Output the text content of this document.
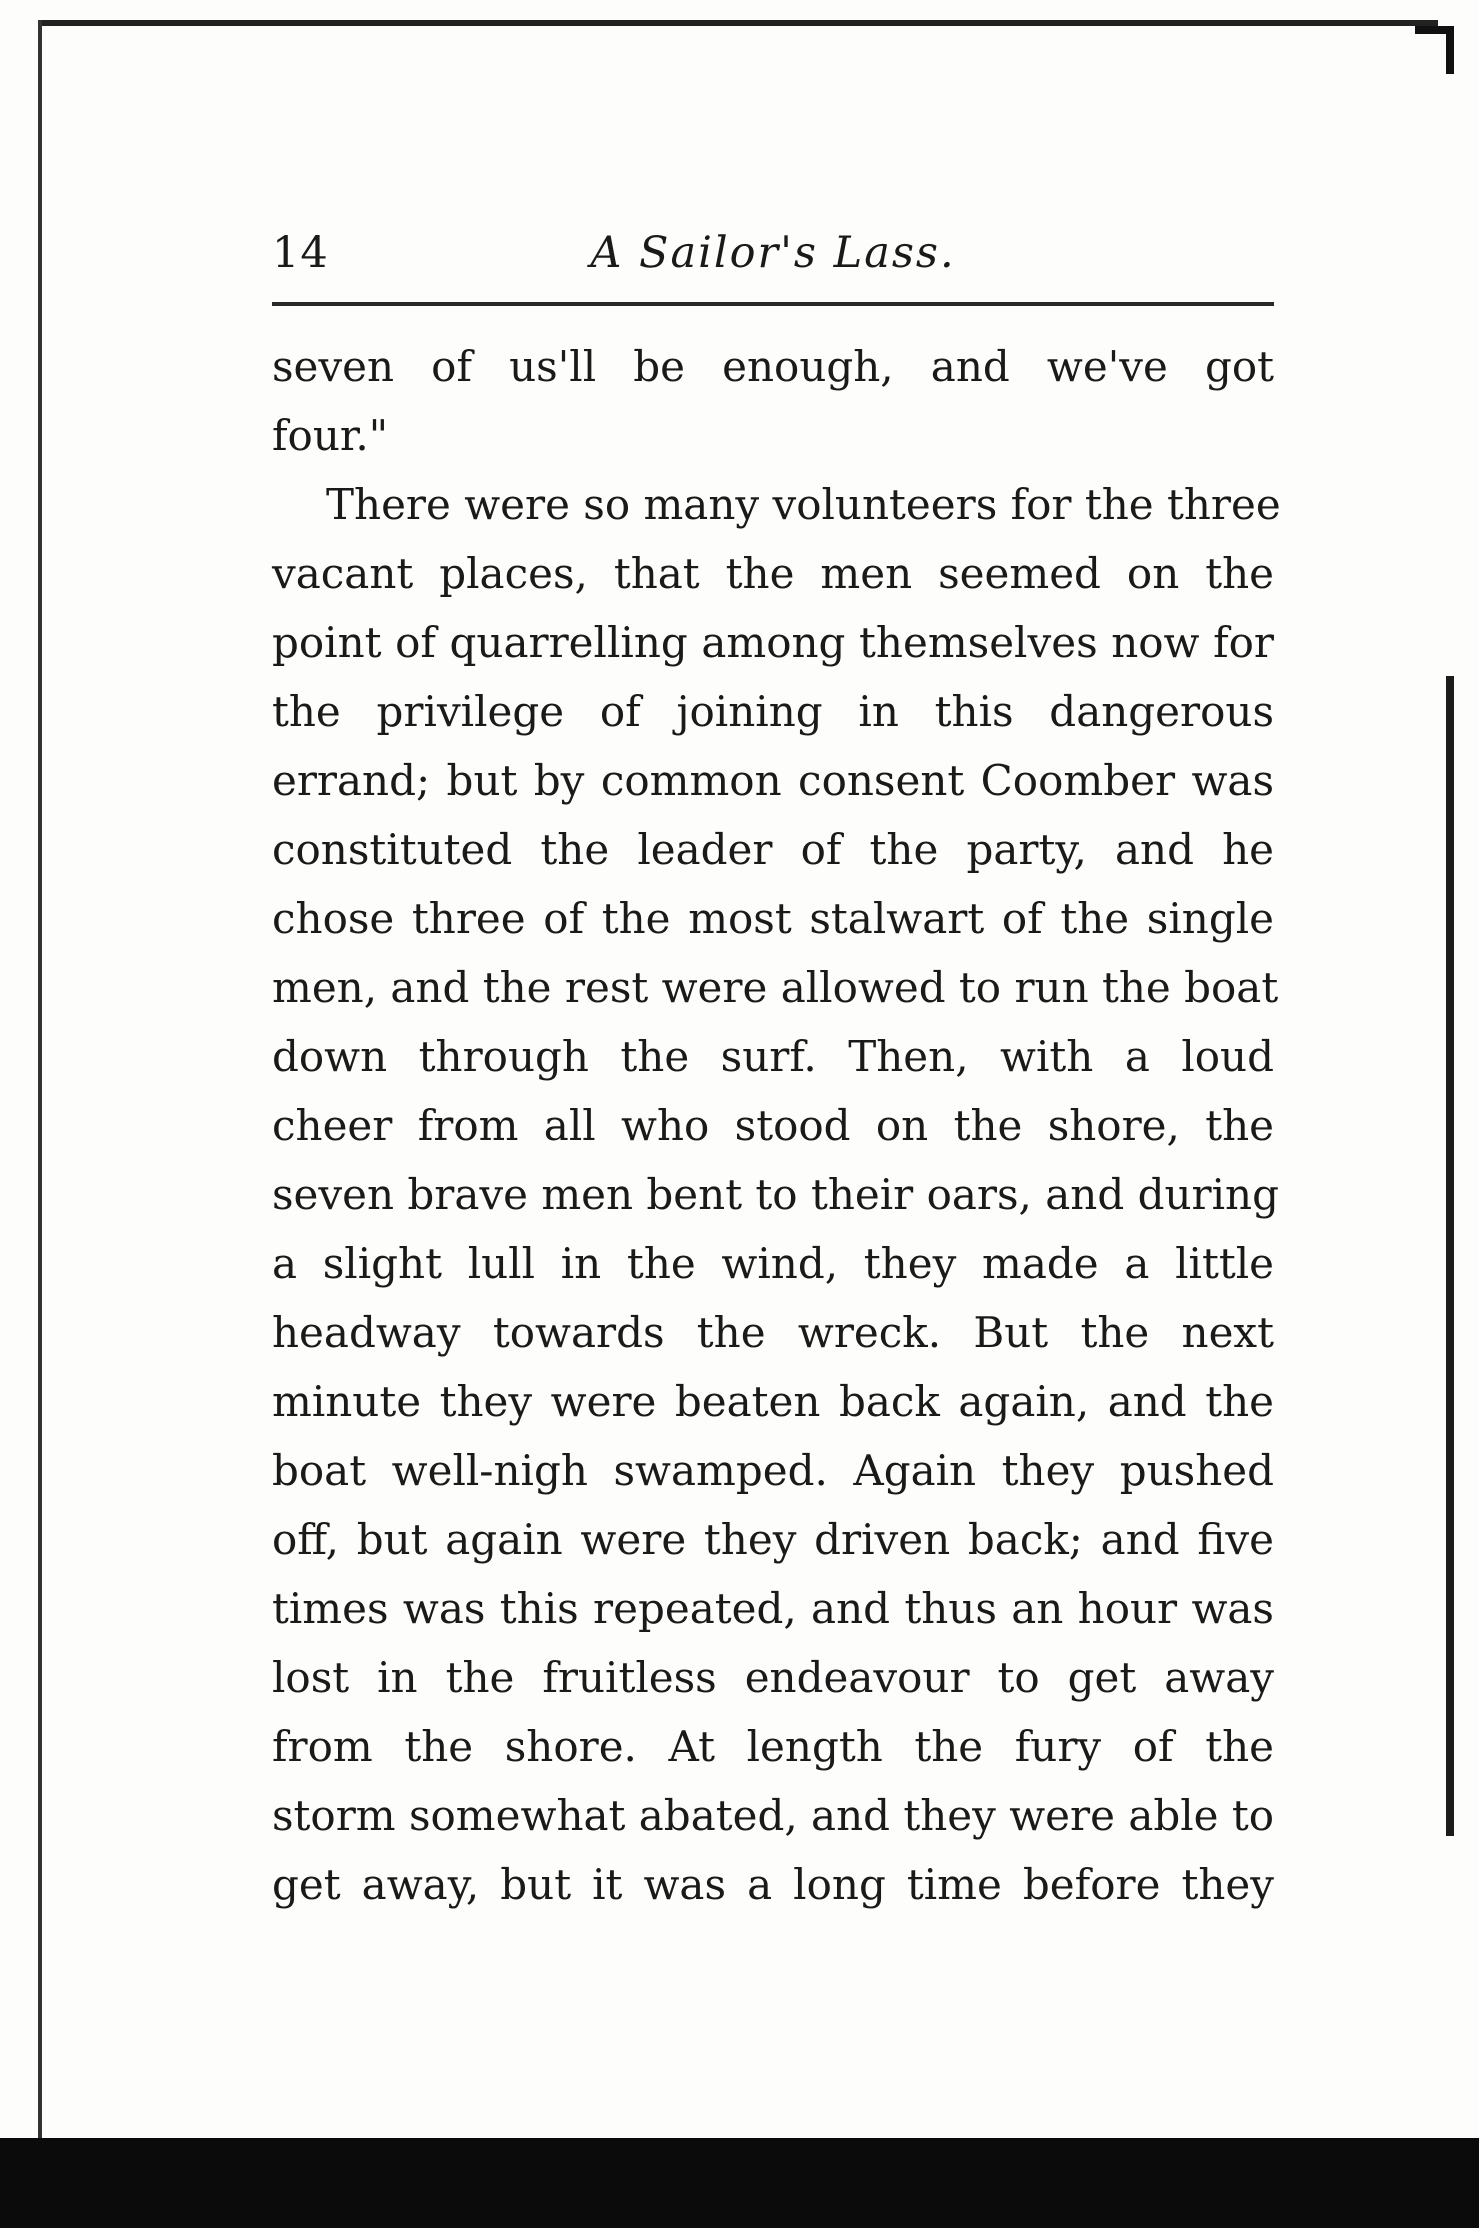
14	A Sailor's Lass.
seven of us'll be enough, and we've got
four."
There were so many volunteers for the three
vacant places, that the men seemed on the
point of quarrelling among themselves now for
the privilege of joining in this dangerous
errand; but by common consent Coomber was
constituted the leader of the party, and he
chose three of the most stalwart of the single
men, and the rest were allowed to run the boat
down through the surf. Then, with a loud
cheer from all who stood on the shore, the
seven brave men bent to their oars, and during
a slight lull in the wind, they made a little
headway towards the wreck. But the next
minute they were beaten back again, and the
boat well-nigh swamped. Again they pushed
off, but again were they driven back; and five
times was this repeated, and thus an hour was
lost in the fruitless endeavour to get away
from the shore. At length the fury of the
storm somewhat abated, and they were able to
get away, but it was a long time before they
